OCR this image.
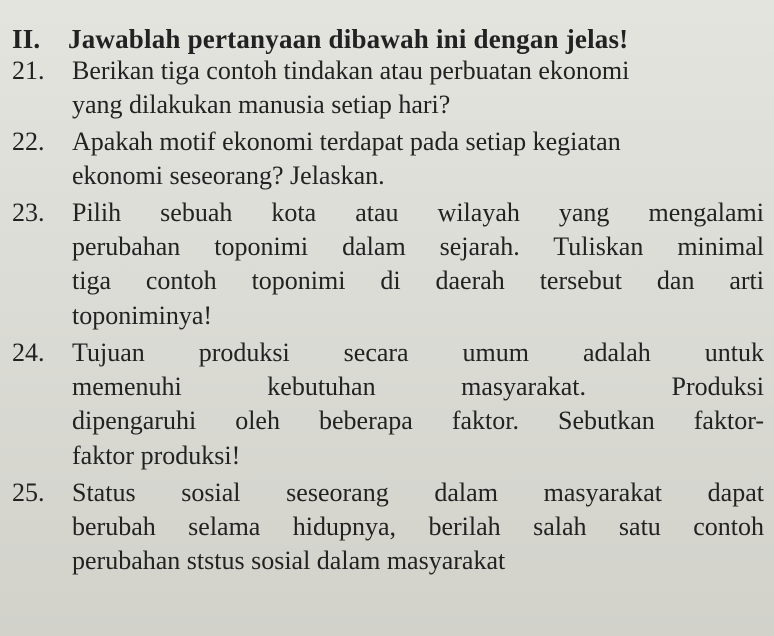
II. Jawablah pertanyaan dibawah ini dengan jelas!
21.	Berikan tiga contoh tindakan atau perbuatan ekonomi
yang dilakukan manusia setiap hari?
22.	Apakah motif ekonomi terdapat pada setiap kegiatan
ekonomi seseorang? Jelaskan.
23.	Pilih sebuah kota atau wilayah yang mengalami
perubahan toponimi dalam sejarah. Tuliskan minimal
tiga contoh toponimi di daerah tersebut dan arti
toponiminya!
24.	Tujuan produksi secara umum adalah untuk
memenuhi kebutuhan masyarakat. Produksi
dipengaruhi oleh beberapa faktor. Sebutkan faktor-
faktor produksi!
25.	Status sosial seseorang dalam masyarakat dapat
berubah selama hidupnya, berilah salah satu contoh
perubahan ststus sosial dalam masyarakat
